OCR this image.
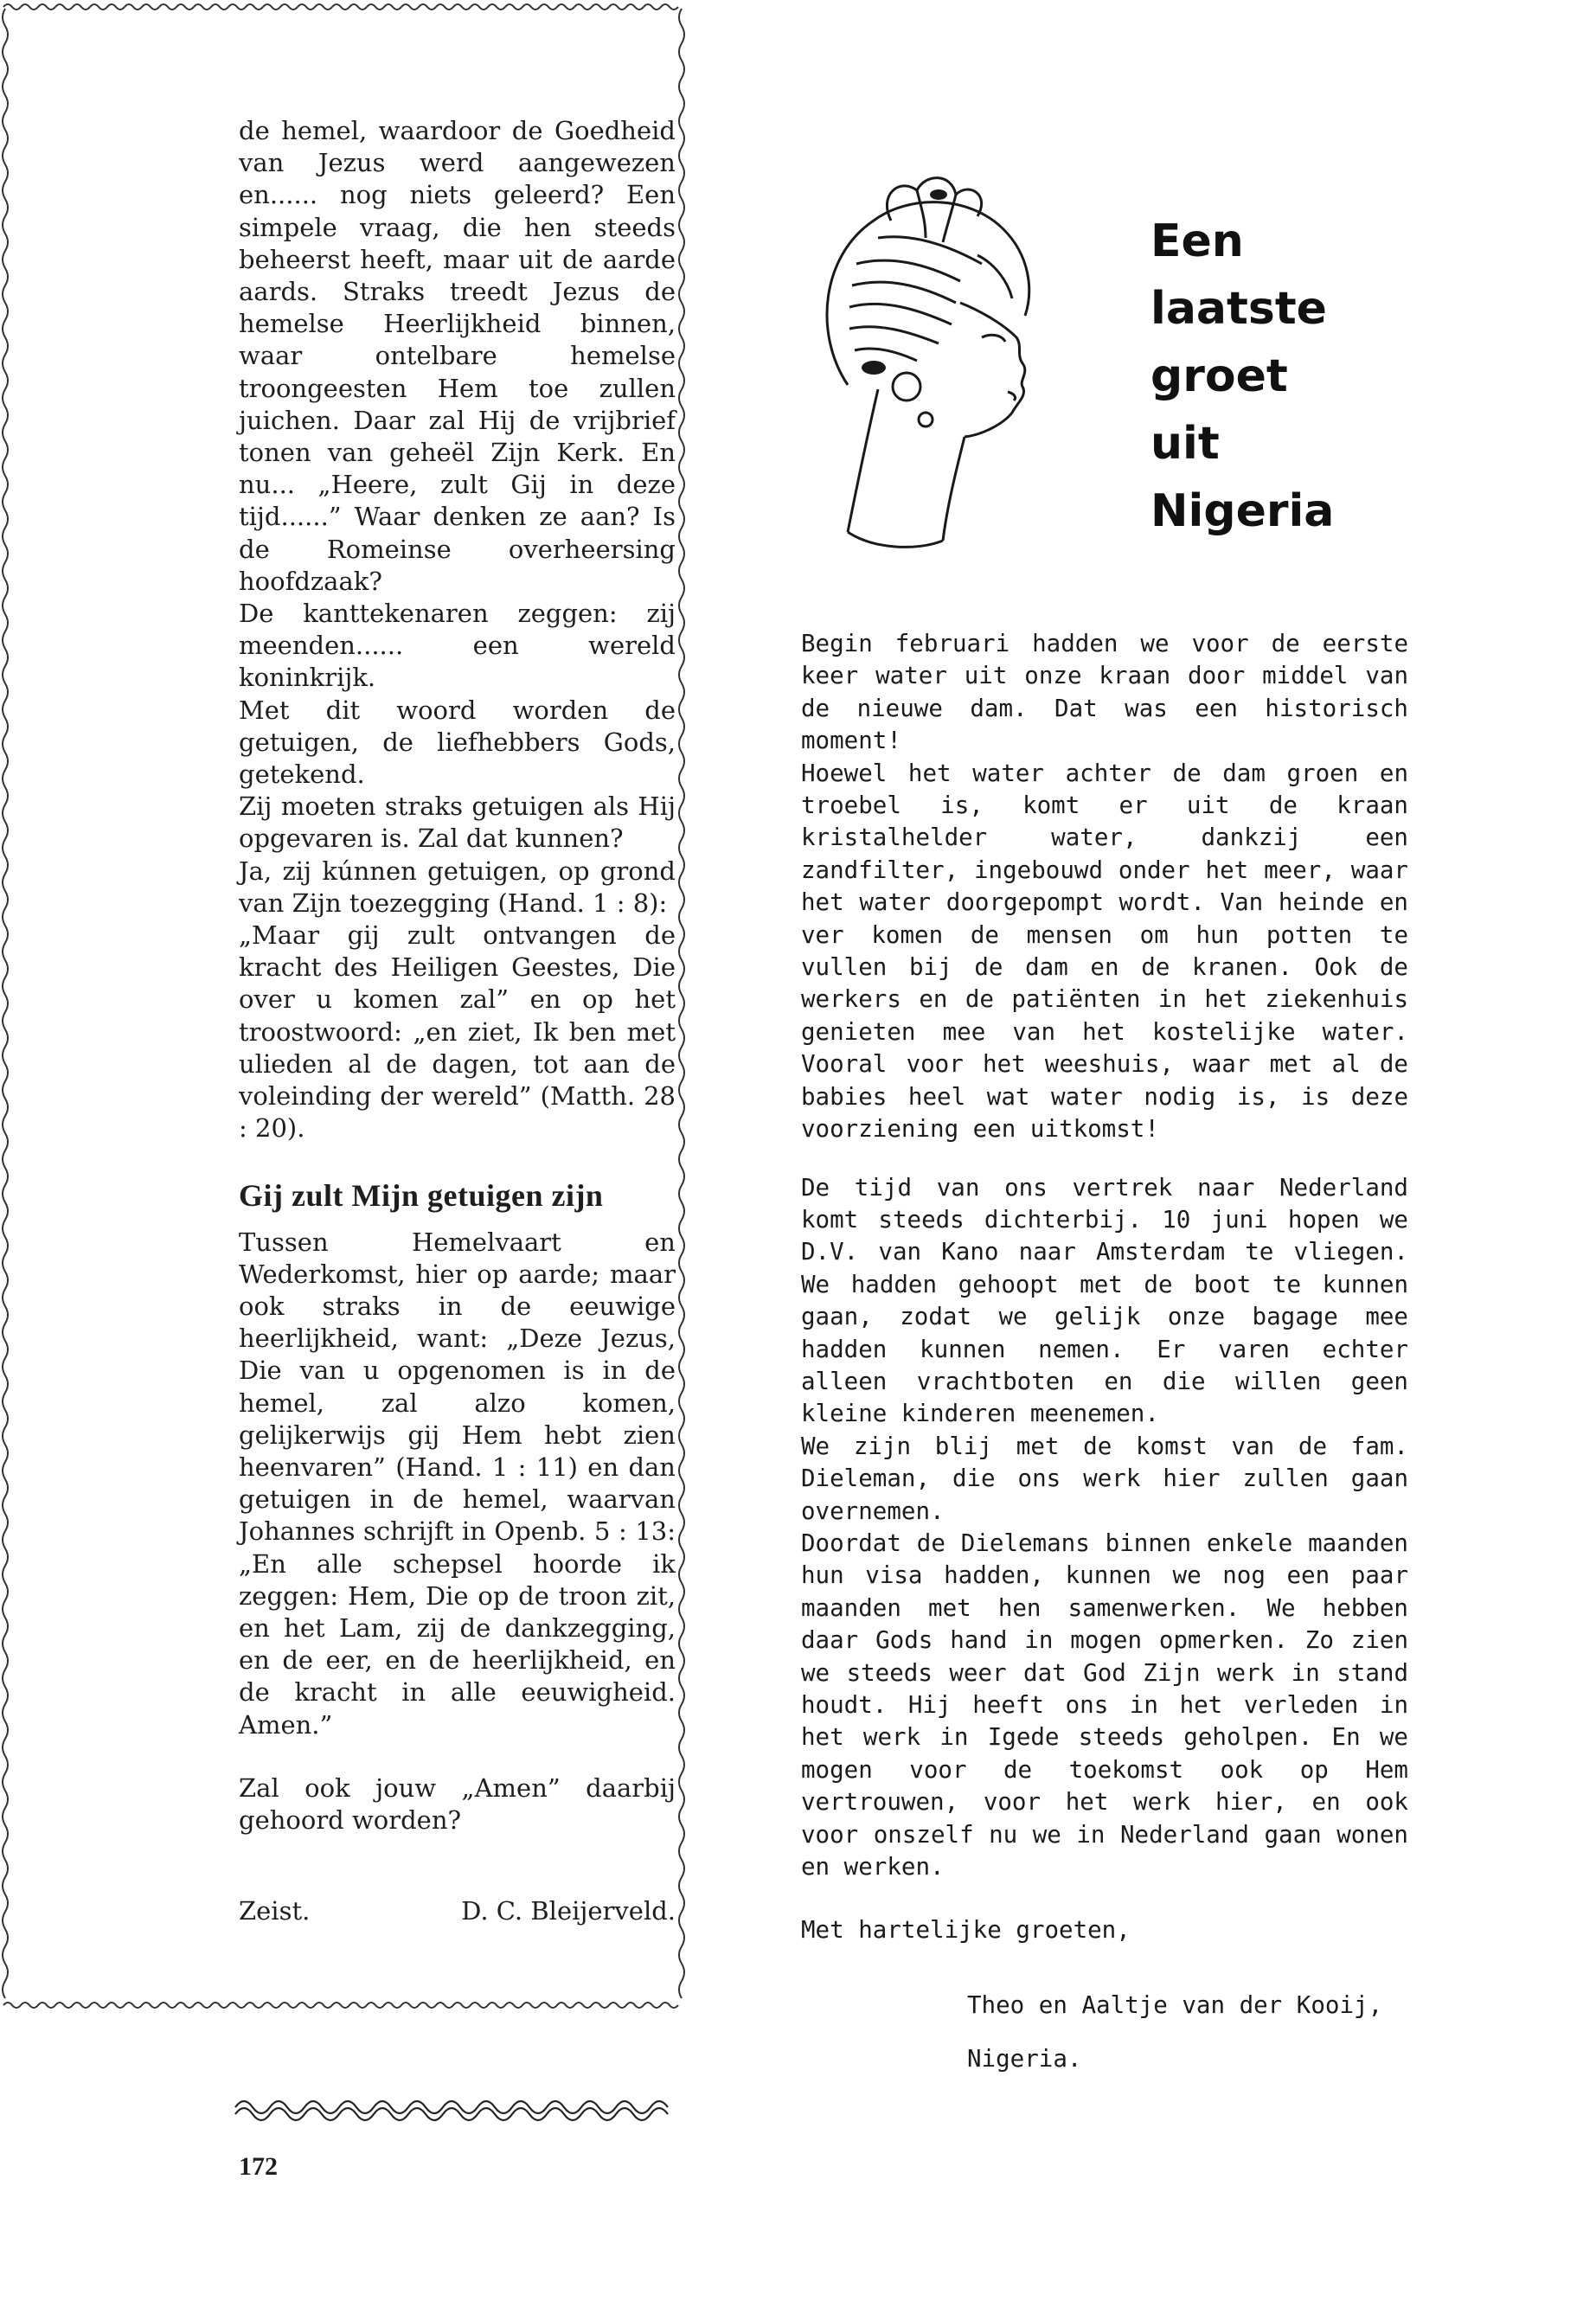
de hemel, waardoor de Goedheid van Jezus werd aangewezen en...... nog niets geleerd? Een simpele vraag, die hen steeds beheerst heeft, maar uit de aarde aards. Straks treedt Jezus de hemelse Heerlijkheid binnen, waar ontelbare hemelse troongeesten Hem toe zullen juichen. Daar zal Hij de vrijbrief tonen van geheël Zijn Kerk. En nu... „Heere, zult Gij in deze tijd......” Waar denken ze aan? Is de Romeinse overheersing hoofdzaak?

De kanttekenaren zeggen: zij meenden...... een wereld koninkrijk.

Met dit woord worden de getuigen, de liefhebbers Gods, getekend.

Zij moeten straks getuigen als Hij opgevaren is. Zal dat kunnen?

Ja, zij kúnnen getuigen, op grond van Zijn toezegging (Hand. 1 : 8):

„Maar gij zult ontvangen de kracht des Heiligen Geestes, Die over u komen zal” en op het troostwoord: „en ziet, Ik ben met ulieden al de dagen, tot aan de voleinding der wereld” (Matth. 28 : 20).

Gij zult Mijn getuigen zijn

Tussen Hemelvaart en Wederkomst, hier op aarde; maar ook straks in de eeuwige heerlijkheid, want: „Deze Jezus, Die van u opgenomen is in de hemel, zal alzo komen, gelijkerwijs gij Hem hebt zien heenvaren” (Hand. 1 : 11) en dan getuigen in de hemel, waarvan Johannes schrijft in Openb. 5 : 13: „En alle schepsel hoorde ik zeggen: Hem, Die op de troon zit, en het Lam, zij de dankzegging, en de eer, en de heerlijkheid, en de kracht in alle eeuwigheid. Amen.”

Zal ook jouw „Amen” daarbij gehoord worden?

Zeist.	D. C. Bleijerveld.
172
Een
laatste
groet
uit
Nigeria

Begin februari hadden we voor de eerste keer water uit onze kraan door middel van de nieuwe dam. Dat was een historisch moment!

Hoewel het water achter de dam groen en troebel is, komt er uit de kraan kristalhelder water, dankzij een zandfilter, ingebouwd onder het meer, waar het water doorgepompt wordt. Van heinde en ver komen de mensen om hun potten te vullen bij de dam en de kranen. Ook de werkers en de patiënten in het ziekenhuis genieten mee van het kostelijke water. Vooral voor het weeshuis, waar met al de babies heel wat water nodig is, is deze voorziening een uitkomst!

De tijd van ons vertrek naar Nederland komt steeds dichterbij. 10 juni hopen we D.V. van Kano naar Amsterdam te vliegen. We hadden gehoopt met de boot te kunnen gaan, zodat we gelijk onze bagage mee hadden kunnen nemen. Er varen echter alleen vrachtboten en die willen geen kleine kinderen meenemen.

We zijn blij met de komst van de fam. Dieleman, die ons werk hier zullen gaan overnemen.

Doordat de Dielemans binnen enkele maanden hun visa hadden, kunnen we nog een paar maanden met hen samenwerken. We hebben daar Gods hand in mogen opmerken. Zo zien we steeds weer dat God Zijn werk in stand houdt. Hij heeft ons in het verleden in het werk in Igede steeds geholpen. En we mogen voor de toekomst ook op Hem vertrouwen, voor het werk hier, en ook voor onszelf nu we in Nederland gaan wonen en werken.

Met hartelijke groeten,

Theo en Aaltje van der Kooij,

Nigeria.
